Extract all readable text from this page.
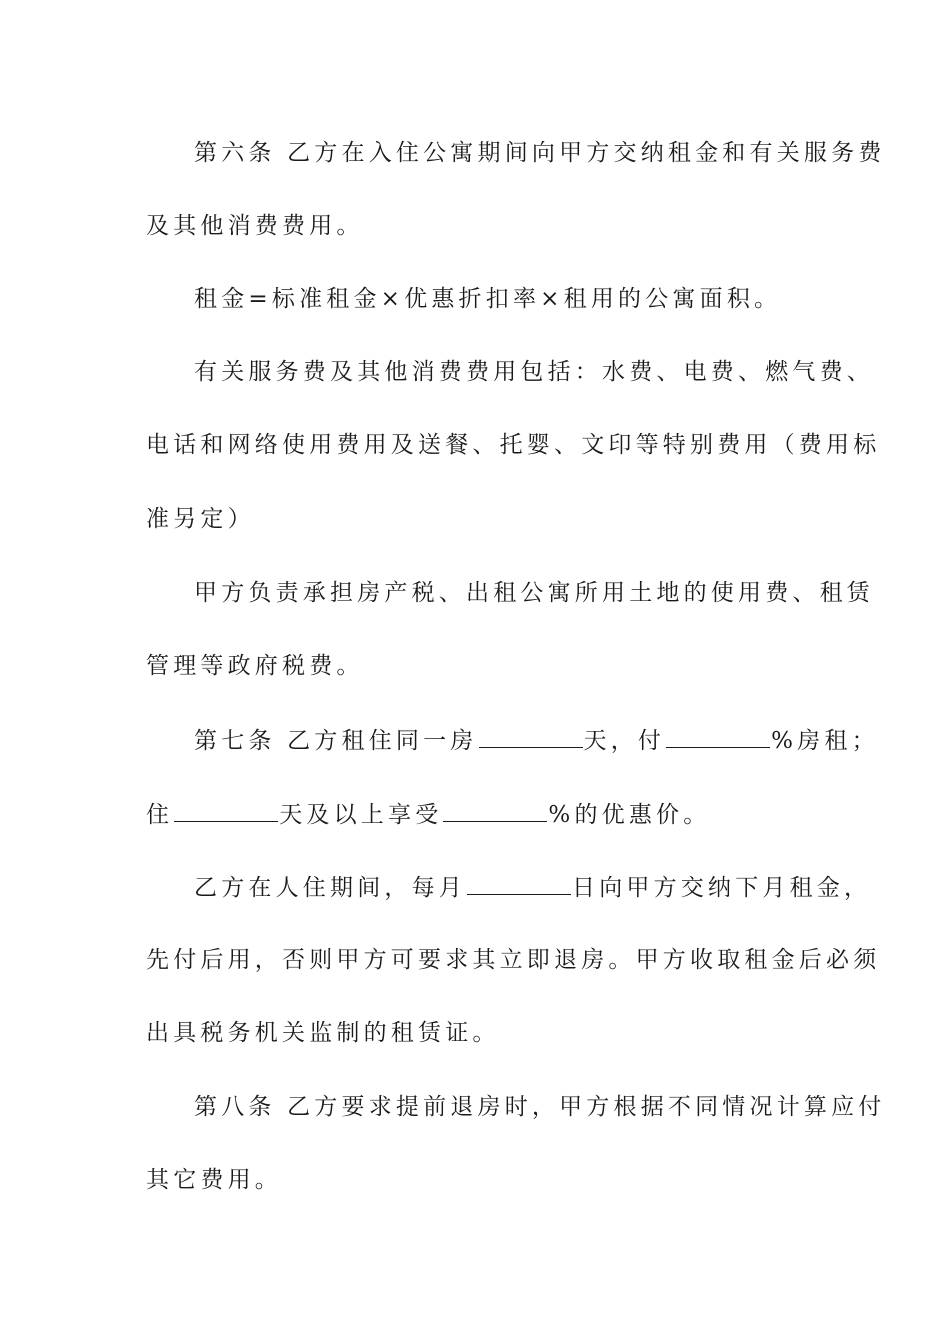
第六条 乙方在入住公寓期间向甲方交纳租金和有关服务费
及其他消费费用。
租金=标准租金×优惠折扣率×租用的公寓面积。
有关服务费及其他消费费用包括：水费、电费、燃气费、
电话和网络使用费用及送餐、托婴、文印等特别费用（费用标
准另定）
甲方负责承担房产税、出租公寓所用土地的使用费、租赁
管理等政府税费。
第七条 乙方租住同一房	天，付	%房租；
住	天及以上享受	%的优惠价。
乙方在人住期间，每月	日向甲方交纳下月租金，
先付后用，否则甲方可要求其立即退房。甲方收取租金后必须
出具税务机关监制的租赁证。
第八条 乙方要求提前退房时，甲方根据不同情况计算应付
其它费用。
